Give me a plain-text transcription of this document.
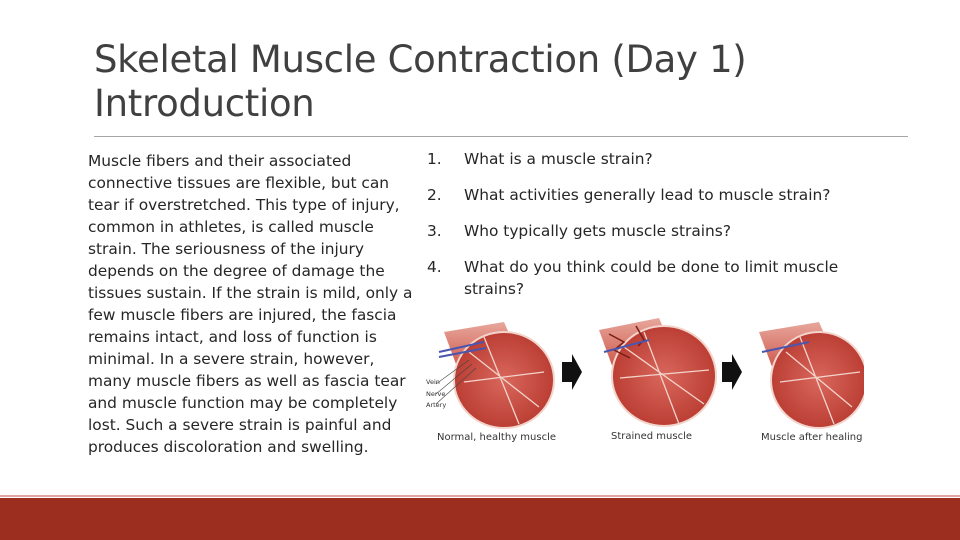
Skeletal Muscle Contraction (Day 1)
Introduction
Muscle fibers and their associated connective tissues are flexible, but can tear if overstretched. This type of injury, common in athletes, is called muscle strain. The seriousness of the injury depends on the degree of damage the tissues sustain. If the strain is mild, only a few muscle fibers are injured, the fascia remains intact, and loss of function is minimal. In a severe strain, however, many muscle fibers as well as fascia tear and muscle function may be completely lost. Such a severe strain is painful and produces discoloration and swelling.
1. What is a muscle strain?
2. What activities generally lead to muscle strain?
3. Who typically gets muscle strains?
4. What do you think could be done to limit muscle strains?
Vein
Nerve
Artery
Normal, healthy muscle	Strained muscle	Muscle after healing
